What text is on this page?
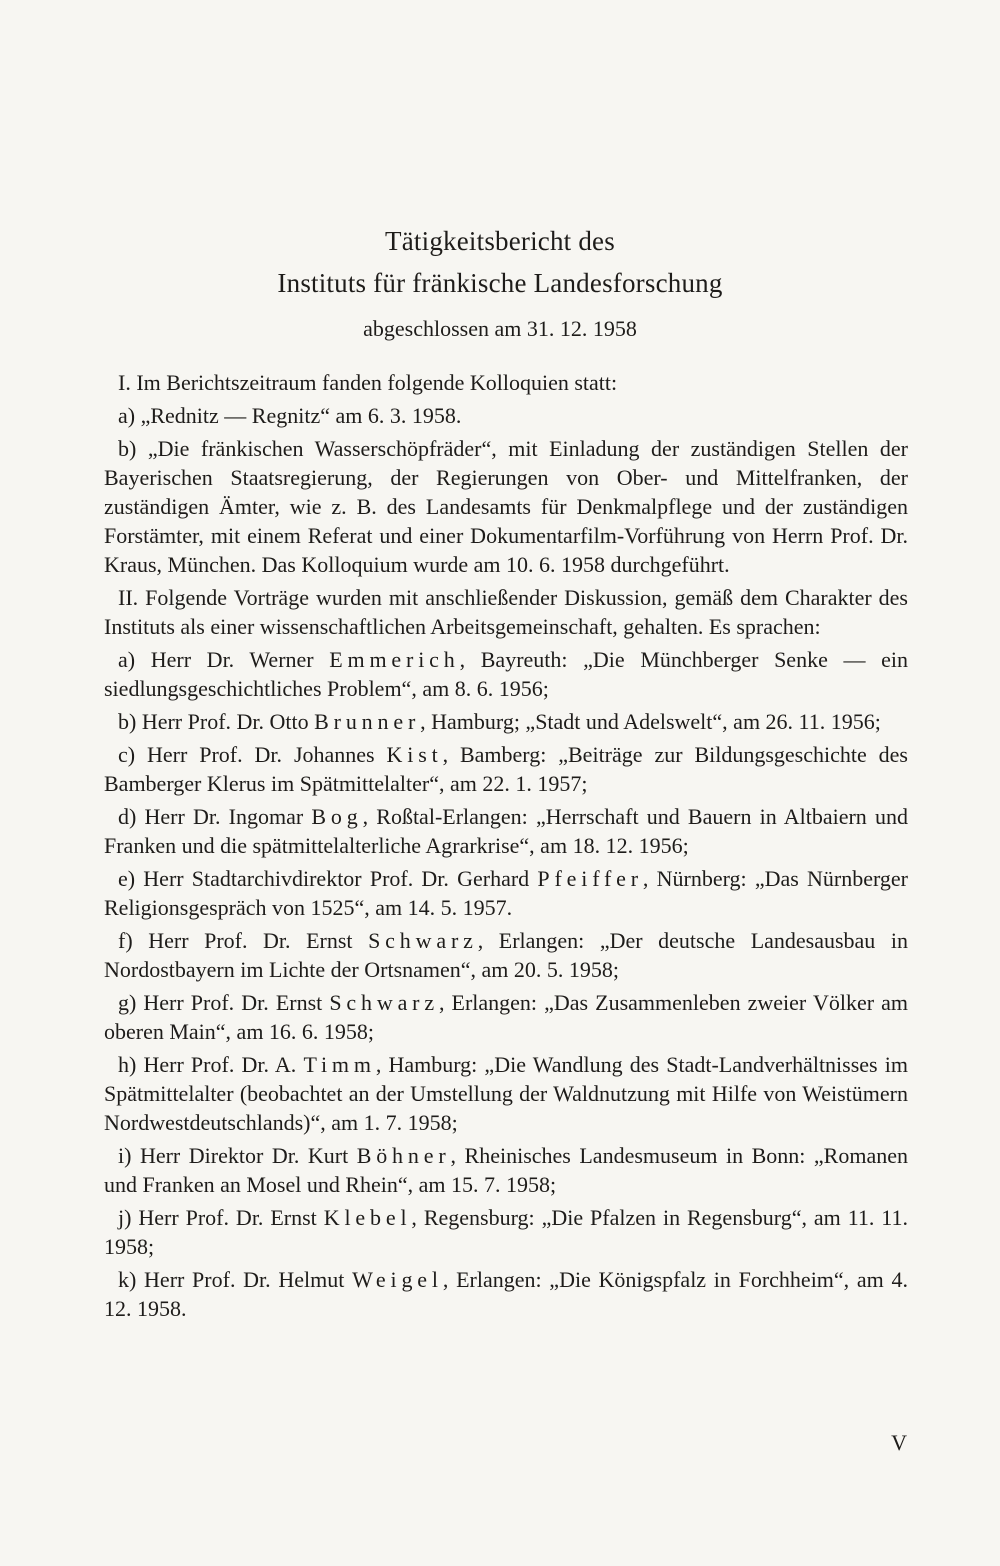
Tätigkeitsbericht des
Instituts für fränkische Landesforschung
abgeschlossen am 31. 12. 1958

I. Im Berichtszeitraum fanden folgende Kolloquien statt:

a) „Rednitz — Regnitz“ am 6. 3. 1958.

b) „Die fränkischen Wasserschöpfräder“, mit Einladung der zuständigen Stellen der Bayerischen Staatsregierung, der Regierungen von Ober- und Mittelfranken, der zuständigen Ämter, wie z. B. des Landesamts für Denkmalpflege und der zuständigen Forstämter, mit einem Referat und einer Dokumentarfilm-Vorführung von Herrn Prof. Dr. Kraus, München. Das Kolloquium wurde am 10. 6. 1958 durchgeführt.

II. Folgende Vorträge wurden mit anschließender Diskussion, gemäß dem Charakter des Instituts als einer wissenschaftlichen Arbeitsgemeinschaft, gehalten. Es sprachen:

a) Herr Dr. Werner Emmerich, Bayreuth: „Die Münchberger Senke — ein siedlungsgeschichtliches Problem“, am 8. 6. 1956;

b) Herr Prof. Dr. Otto Brunner, Hamburg; „Stadt und Adelswelt“, am 26. 11. 1956;

c) Herr Prof. Dr. Johannes Kist, Bamberg: „Beiträge zur Bildungsgeschichte des Bamberger Klerus im Spätmittelalter“, am 22. 1. 1957;

d) Herr Dr. Ingomar Bog, Roßtal-Erlangen: „Herrschaft und Bauern in Altbaiern und Franken und die spätmittelalterliche Agrarkrise“, am 18. 12. 1956;

e) Herr Stadtarchivdirektor Prof. Dr. Gerhard Pfeiffer, Nürnberg: „Das Nürnberger Religionsgespräch von 1525“, am 14. 5. 1957.

f) Herr Prof. Dr. Ernst Schwarz, Erlangen: „Der deutsche Landesausbau in Nordostbayern im Lichte der Ortsnamen“, am 20. 5. 1958;

g) Herr Prof. Dr. Ernst Schwarz, Erlangen: „Das Zusammenleben zweier Völker am oberen Main“, am 16. 6. 1958;

h) Herr Prof. Dr. A. Timm, Hamburg: „Die Wandlung des Stadt-Landverhältnisses im Spätmittelalter (beobachtet an der Umstellung der Waldnutzung mit Hilfe von Weistümern Nordwestdeutschlands)“, am 1. 7. 1958;

i) Herr Direktor Dr. Kurt Böhner, Rheinisches Landesmuseum in Bonn: „Romanen und Franken an Mosel und Rhein“, am 15. 7. 1958;

j) Herr Prof. Dr. Ernst Klebel, Regensburg: „Die Pfalzen in Regensburg“, am 11. 11. 1958;

k) Herr Prof. Dr. Helmut Weigel, Erlangen: „Die Königspfalz in Forchheim“, am 4. 12. 1958.

V
